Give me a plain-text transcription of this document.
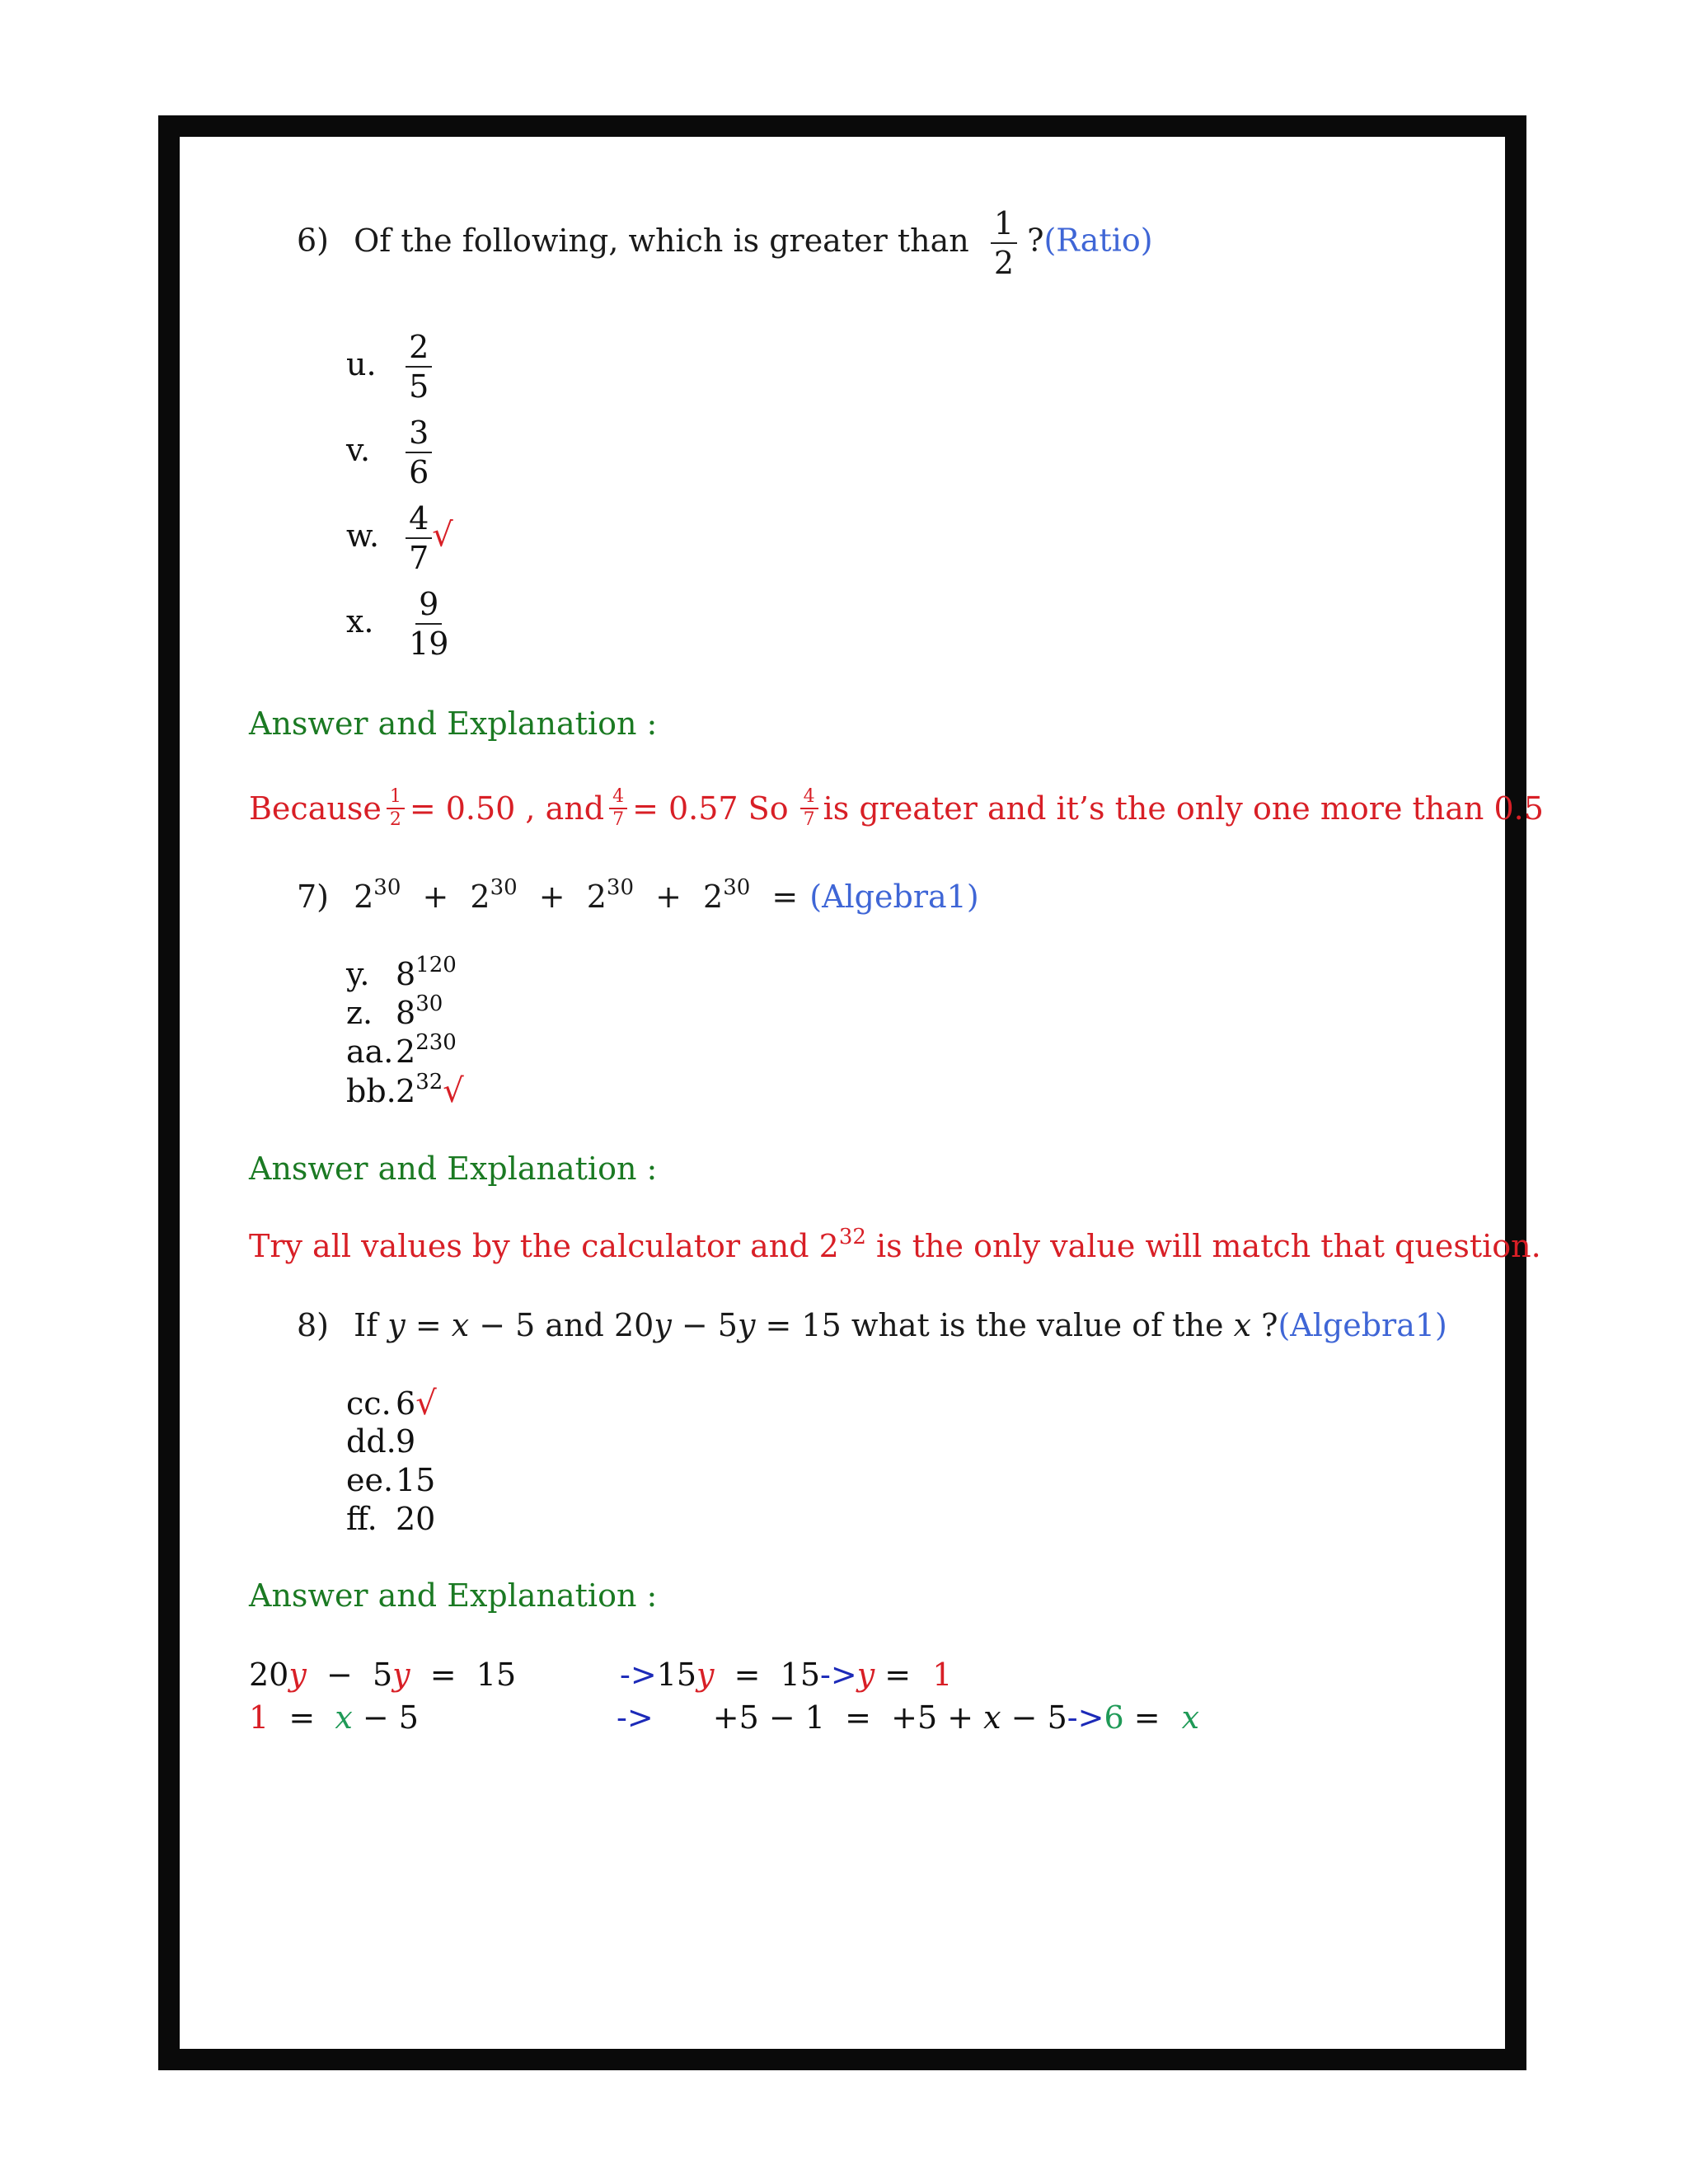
6) Of the following, which is greater than $\frac{1}{2}$ ?(Ratio)
u. $\frac{2}{5}$
v. $\frac{3}{6}$
w. $\frac{4}{7}$ √
x. $\frac{9}{19}$
Answer and Explanation :
Because $\frac{1}{2} = 0.50$ , and $\frac{4}{7} = 0.57$ So $\frac{4}{7}$ is greater and it’s the only one more than 0.5
7) $2^{30} + 2^{30} + 2^{30} + 2^{30}$ = (Algebra1)
y. $8^{120}$
z. $8^{30}$
$aa.2^{230}$
$bb.2^{32}√$
Answer and Explanation :
Try all values by the calculator and $2^{32}$ is the only value will match that question.
8) If y = x − 5 and 20y − 5y = 15 what is the value of the x ?(Algebra1)
cc. 6√
dd.9
ee.15
ff. 20
Answer and Explanation :
20y  −  5y  =  15	->15y  =  15->y = 1
1  =  x − 5	-> +5 − 1  =  +5 + x − 5->6 = x
